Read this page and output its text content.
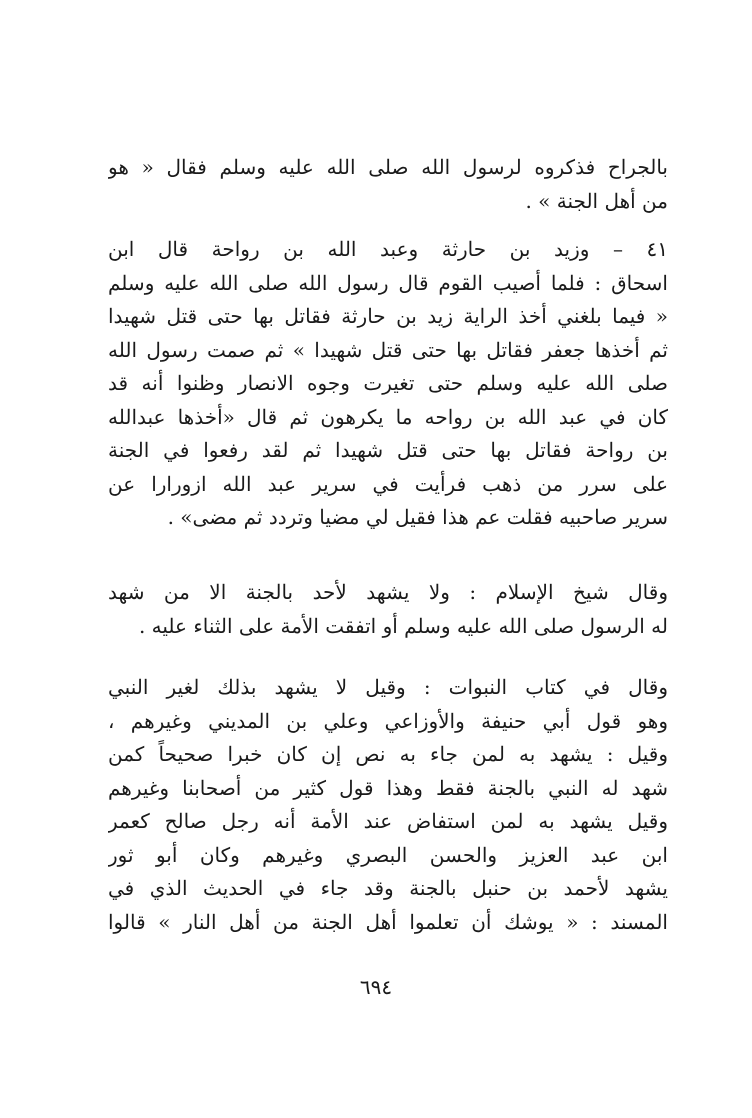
بالجراح فذكروه لرسول الله صلى الله عليه وسلم فقال « هو
من أهل الجنة » .
٤١ – وزيد بن حارثة وعبد الله بن رواحة قال ابن
اسحاق : فلما أصيب القوم قال رسول الله صلى الله عليه وسلم
« فيما بلغني أخذ الراية زيد بن حارثة فقاتل بها حتى قتل شهيدا
ثم أخذها جعفر فقاتل بها حتى قتل شهيدا » ثم صمت رسول الله
صلى الله عليه وسلم حتى تغيرت وجوه الانصار وظنوا أنه قد
كان في عبد الله بن رواحه ما يكرهون ثم قال «أخذها عبدالله
بن رواحة فقاتل بها حتى قتل شهيدا ثم لقد رفعوا في الجنة
على سرر من ذهب فرأيت في سرير عبد الله ازورارا عن
سرير صاحبيه فقلت عم هذا فقيل لي مضيا وتردد ثم مضى» .
وقال شيخ الإسلام : ولا يشهد لأحد بالجنة الا من شهد
له الرسول صلى الله عليه وسلم أو اتفقت الأمة على الثناء عليه .
وقال في كتاب النبوات : وقيل لا يشهد بذلك لغير النبي
وهو قول أبي حنيفة والأوزاعي وعلي بن المديني وغيرهم ،
وقيل : يشهد به لمن جاء به نص إن كان خبرا صحيحاً كمن
شهد له النبي بالجنة فقط وهذا قول كثير من أصحابنا وغيرهم
وقيل يشهد به لمن استفاض عند الأمة أنه رجل صالح كعمر
ابن عبد العزيز والحسن البصري وغيرهم وكان أبو ثور
يشهد لأحمد بن حنبل بالجنة وقد جاء في الحديث الذي في
المسند : « يوشك أن تعلموا أهل الجنة من أهل النار » قالوا
٦٩٤
